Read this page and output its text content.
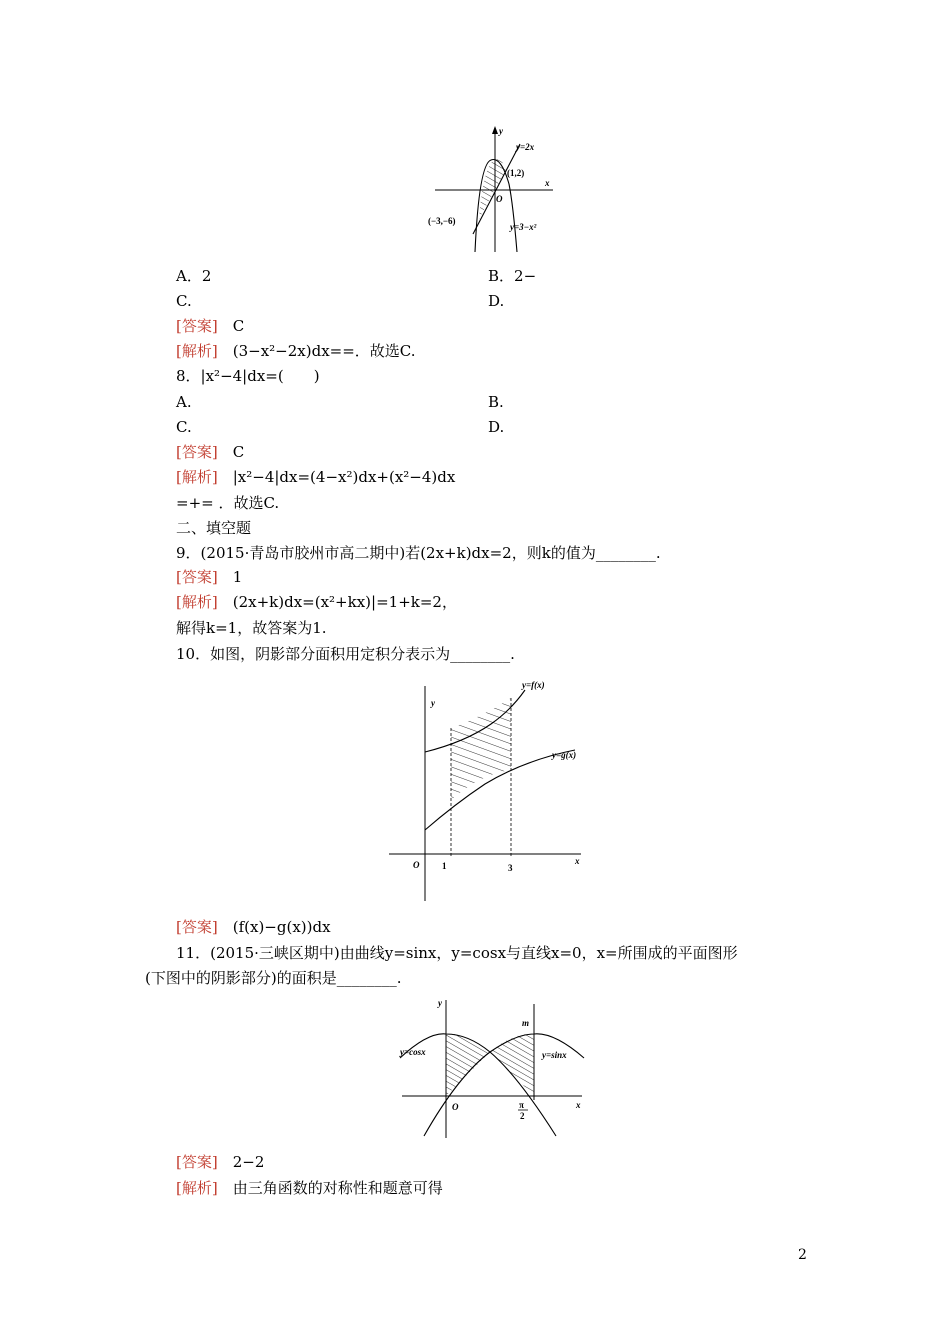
y
x
O
y=2x
(1,2)
(−3,−6)
y=3−x²
A．2	B．2−
C.	D.
[答案]　 C
[解析]　 (3−x²−2x)dx==．故选C.
8．|x²−4|dx=(　　)
A.	B.
C.	D.
[答案]　 C
[解析]　 |x²−4|dx=(4−x²)dx+(x²−4)dx
=+= ．故选C.
二、填空题
9．(2015·青岛市胶州市高二期中)若(2x+k)dx=2，则k的值为________.
[答案]　 1
[解析]　 (2x+k)dx=(x²+kx)|=1+k=2，
解得k=1，故答案为1.
10．如图，阴影部分面积用定积分表示为________.
y=f(x)
y=g(x)
y
x
O	1	3
[答案]　 (f(x)−g(x))dx
11．(2015·三峡区期中)由曲线y=sinx，y=cosx与直线x=0，x=所围成的平面图形
(下图中的阴影部分)的面积是________.
y
x
O
m
y=cosx	y=sinx
π
2
[答案]　 2−2
[解析]　 由三角函数的对称性和题意可得
2
